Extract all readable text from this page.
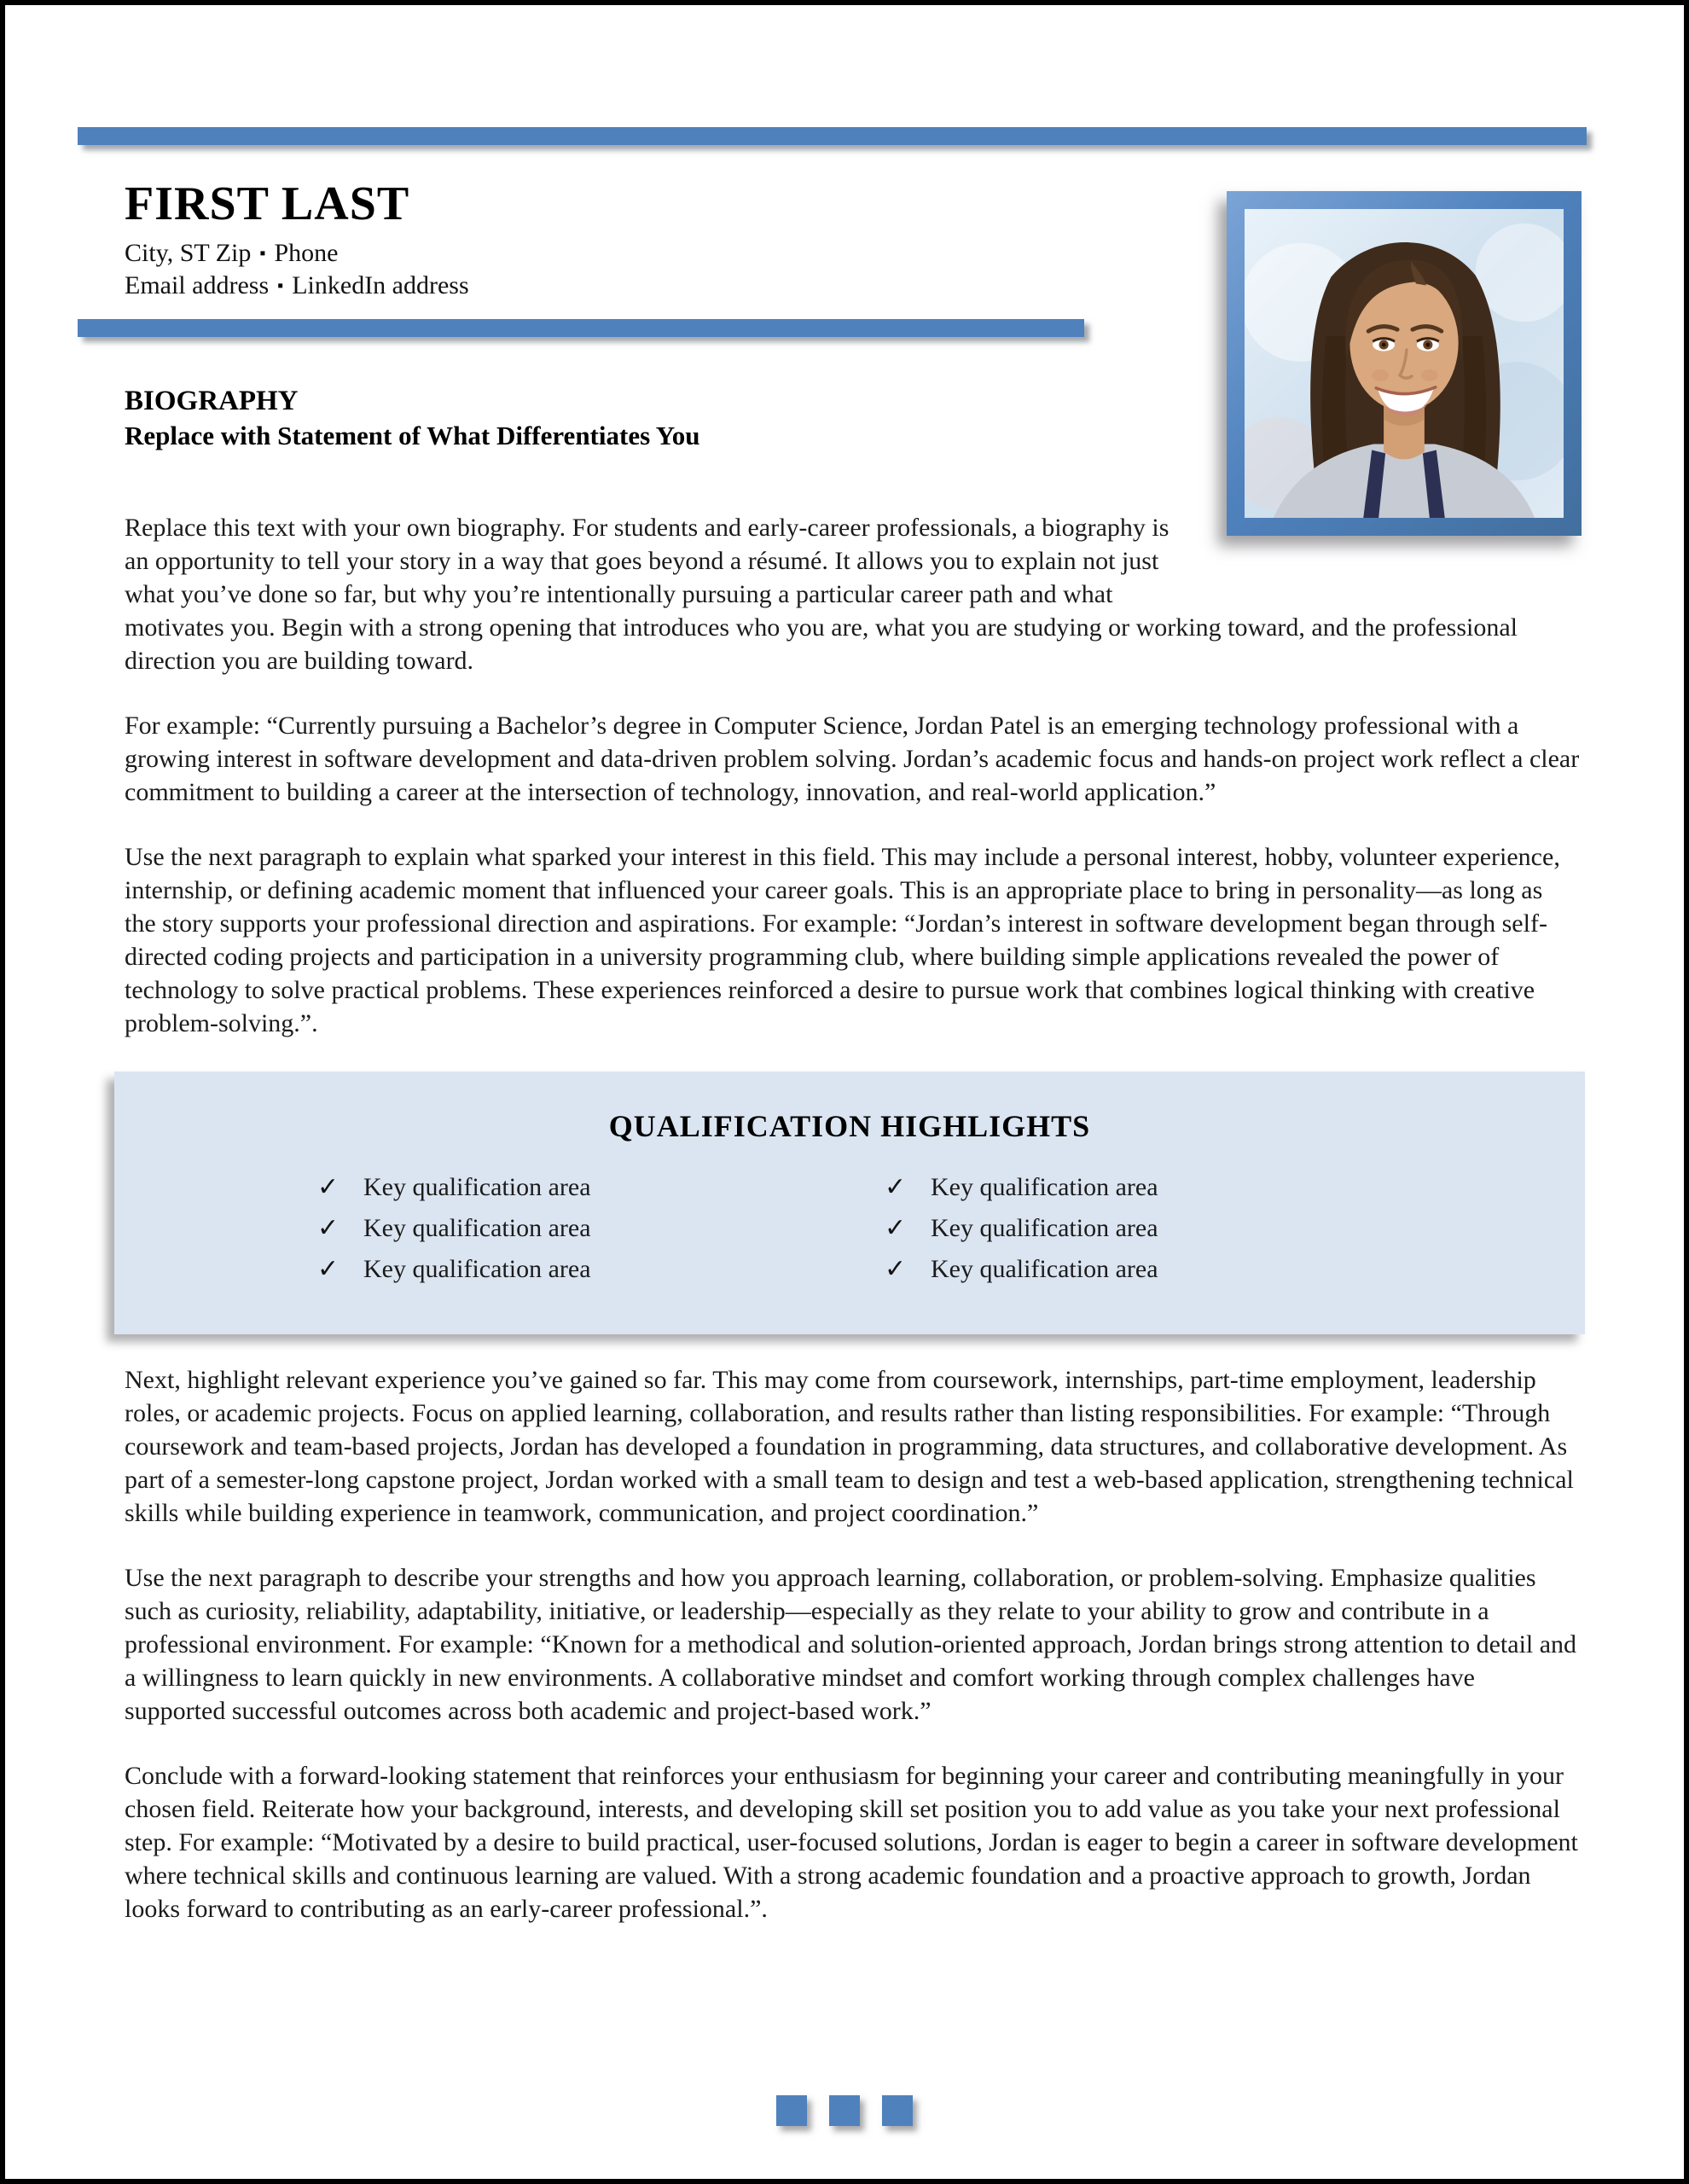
FIRST LAST
City, ST Zip ▪ Phone
Email address ▪ LinkedIn address
BIOGRAPHY
Replace with Statement of What Differentiates You

Replace this text with your own biography. For students and early-career professionals, a biography is an opportunity to tell your story in a way that goes beyond a résumé. It allows you to explain not just what you’ve done so far, but why you’re intentionally pursuing a particular career path and what motivates you. Begin with a strong opening that introduces who you are, what you are studying or working toward, and the professional direction you are building toward.

For example: “Currently pursuing a Bachelor’s degree in Computer Science, Jordan Patel is an emerging technology professional with a growing interest in software development and data-driven problem solving. Jordan’s academic focus and hands-on project work reflect a clear commitment to building a career at the intersection of technology, innovation, and real-world application.”

Use the next paragraph to explain what sparked your interest in this field. This may include a personal interest, hobby, volunteer experience, internship, or defining academic moment that influenced your career goals. This is an appropriate place to bring in personality—as long as the story supports your professional direction and aspirations. For example: “Jordan’s interest in software development began through self-directed coding projects and participation in a university programming club, where building simple applications revealed the power of technology to solve practical problems. These experiences reinforced a desire to pursue work that combines logical thinking with creative problem-solving.”.

QUALIFICATION HIGHLIGHTS
✓ Key qualification area
✓ Key qualification area
✓ Key qualification area
✓ Key qualification area
✓ Key qualification area
✓ Key qualification area

Next, highlight relevant experience you’ve gained so far. This may come from coursework, internships, part-time employment, leadership roles, or academic projects. Focus on applied learning, collaboration, and results rather than listing responsibilities. For example: “Through coursework and team-based projects, Jordan has developed a foundation in programming, data structures, and collaborative development. As part of a semester-long capstone project, Jordan worked with a small team to design and test a web-based application, strengthening technical skills while building experience in teamwork, communication, and project coordination.”

Use the next paragraph to describe your strengths and how you approach learning, collaboration, or problem-solving. Emphasize qualities such as curiosity, reliability, adaptability, initiative, or leadership—especially as they relate to your ability to grow and contribute in a professional environment. For example: “Known for a methodical and solution-oriented approach, Jordan brings strong attention to detail and a willingness to learn quickly in new environments. A collaborative mindset and comfort working through complex challenges have supported successful outcomes across both academic and project-based work.”

Conclude with a forward-looking statement that reinforces your enthusiasm for beginning your career and contributing meaningfully in your chosen field. Reiterate how your background, interests, and developing skill set position you to add value as you take your next professional step. For example: “Motivated by a desire to build practical, user-focused solutions, Jordan is eager to begin a career in software development where technical skills and continuous learning are valued. With a strong academic foundation and a proactive approach to growth, Jordan looks forward to contributing as an early-career professional.”.
